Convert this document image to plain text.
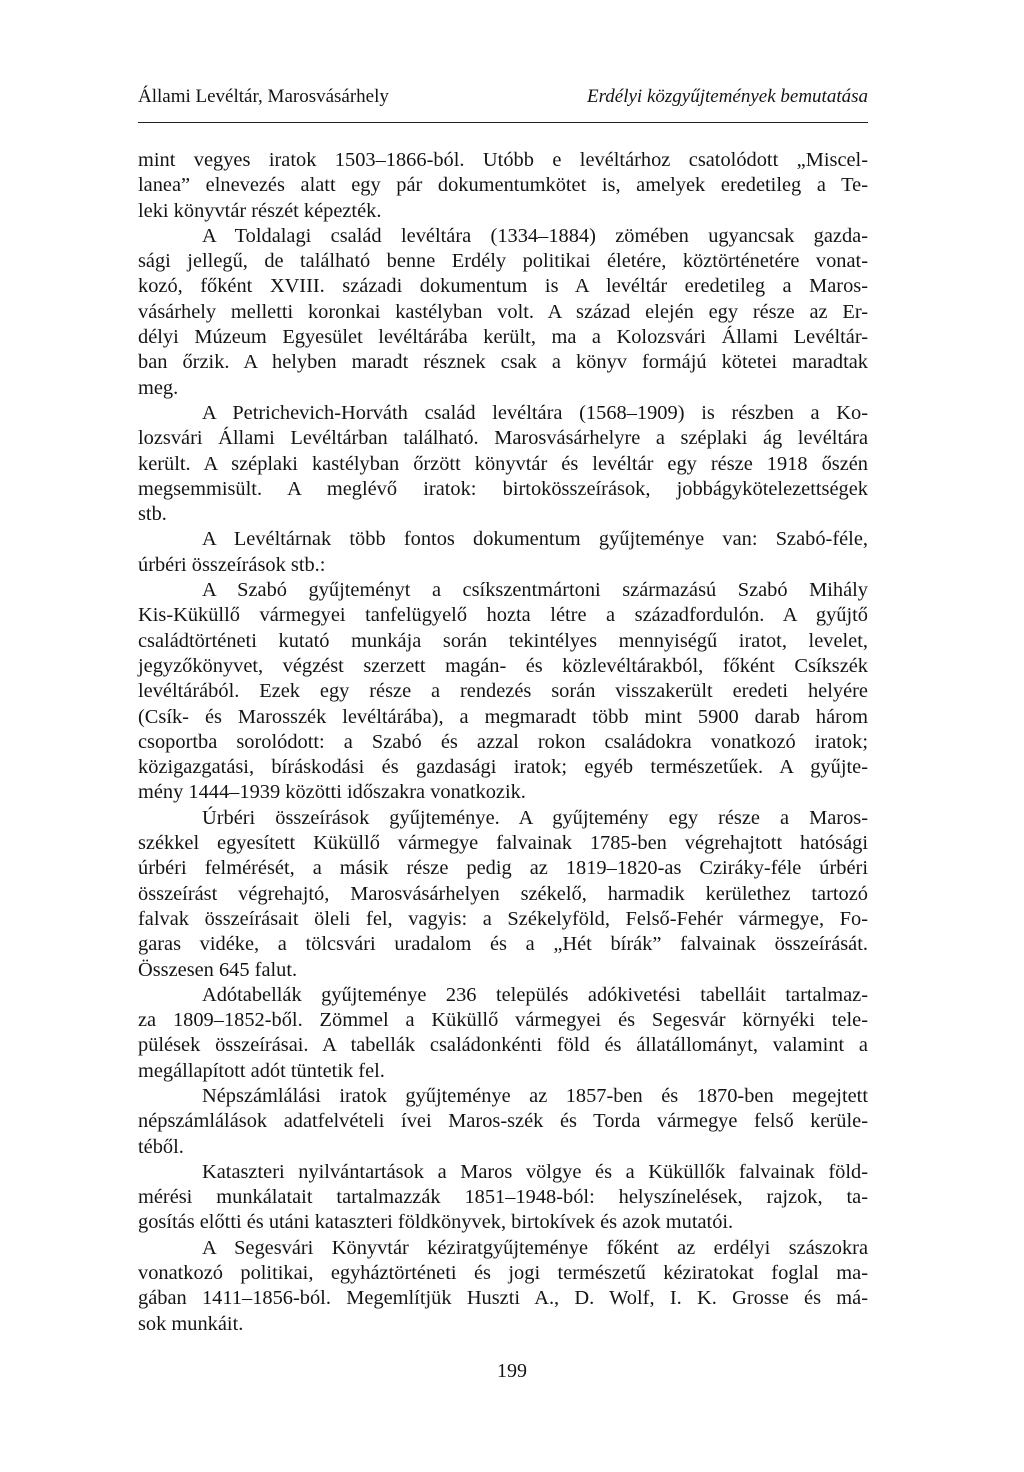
Állami Levéltár, Marosvásárhely	Erdélyi közgyűjtemények bemutatása
mint vegyes iratok 1503–1866-ból. Utóbb e levéltárhoz csatolódott „Miscel-
lanea” elnevezés alatt egy pár dokumentumkötet is, amelyek eredetileg a Te-
leki könyvtár részét képezték.
A Toldalagi család levéltára (1334–1884) zömében ugyancsak gazda-
sági jellegű, de található benne Erdély politikai életére, köztörténetére vonat-
kozó, főként XVIII. századi dokumentum is A levéltár eredetileg a Maros-
vásárhely melletti koronkai kastélyban volt. A század elején egy része az Er-
délyi Múzeum Egyesület levéltárába került, ma a Kolozsvári Állami Levéltár-
ban őrzik. A helyben maradt résznek csak a könyv formájú kötetei maradtak
meg.
A Petrichevich-Horváth család levéltára (1568–1909) is részben a Ko-
lozsvári Állami Levéltárban található. Marosvásárhelyre a széplaki ág levéltára
került. A széplaki kastélyban őrzött könyvtár és levéltár egy része 1918 őszén
megsemmisült. A meglévő iratok: birtokösszeírások, jobbágykötelezettségek
stb.
A Levéltárnak több fontos dokumentum gyűjteménye van: Szabó-féle,
úrbéri összeírások stb.:
A Szabó gyűjteményt a csíkszentmártoni származású Szabó Mihály
Kis-Küküllő vármegyei tanfelügyelő hozta létre a századfordulón. A gyűjtő
családtörténeti kutató munkája során tekintélyes mennyiségű iratot, levelet,
jegyzőkönyvet, végzést szerzett magán- és közlevéltárakból, főként Csíkszék
levéltárából. Ezek egy része a rendezés során visszakerült eredeti helyére
(Csík- és Marosszék levéltárába), a megmaradt több mint 5900 darab három
csoportba sorolódott: a Szabó és azzal rokon családokra vonatkozó iratok;
közigazgatási, bíráskodási és gazdasági iratok; egyéb természetűek. A gyűjte-
mény 1444–1939 közötti időszakra vonatkozik.
Úrbéri összeírások gyűjteménye. A gyűjtemény egy része a Maros-
székkel egyesített Küküllő vármegye falvainak 1785-ben végrehajtott hatósági
úrbéri felmérését, a másik része pedig az 1819–1820-as Cziráky-féle úrbéri
összeírást végrehajtó, Marosvásárhelyen székelő, harmadik kerülethez tartozó
falvak összeírásait öleli fel, vagyis: a Székelyföld, Felső-Fehér vármegye, Fo-
garas vidéke, a tölcsvári uradalom és a „Hét bírák” falvainak összeírását.
Összesen 645 falut.
Adótabellák gyűjteménye 236 település adókivetési tabelláit tartalmaz-
za 1809–1852-ből. Zömmel a Küküllő vármegyei és Segesvár környéki tele-
pülések összeírásai. A tabellák családonkénti föld és állatállományt, valamint a
megállapított adót tüntetik fel.
Népszámlálási iratok gyűjteménye az 1857-ben és 1870-ben megejtett
népszámlálások adatfelvételi ívei Maros-szék és Torda vármegye felső kerüle-
téből.
Kataszteri nyilvántartások a Maros völgye és a Küküllők falvainak föld-
mérési munkálatait tartalmazzák 1851–1948-ból: helyszínelések, rajzok, ta-
gosítás előtti és utáni kataszteri földkönyvek, birtokívek és azok mutatói.
A Segesvári Könyvtár kéziratgyűjteménye főként az erdélyi szászokra
vonatkozó politikai, egyháztörténeti és jogi természetű kéziratokat foglal ma-
gában 1411–1856-ból. Megemlítjük Huszti A., D. Wolf, I. K. Grosse és má-
sok munkáit.
199
